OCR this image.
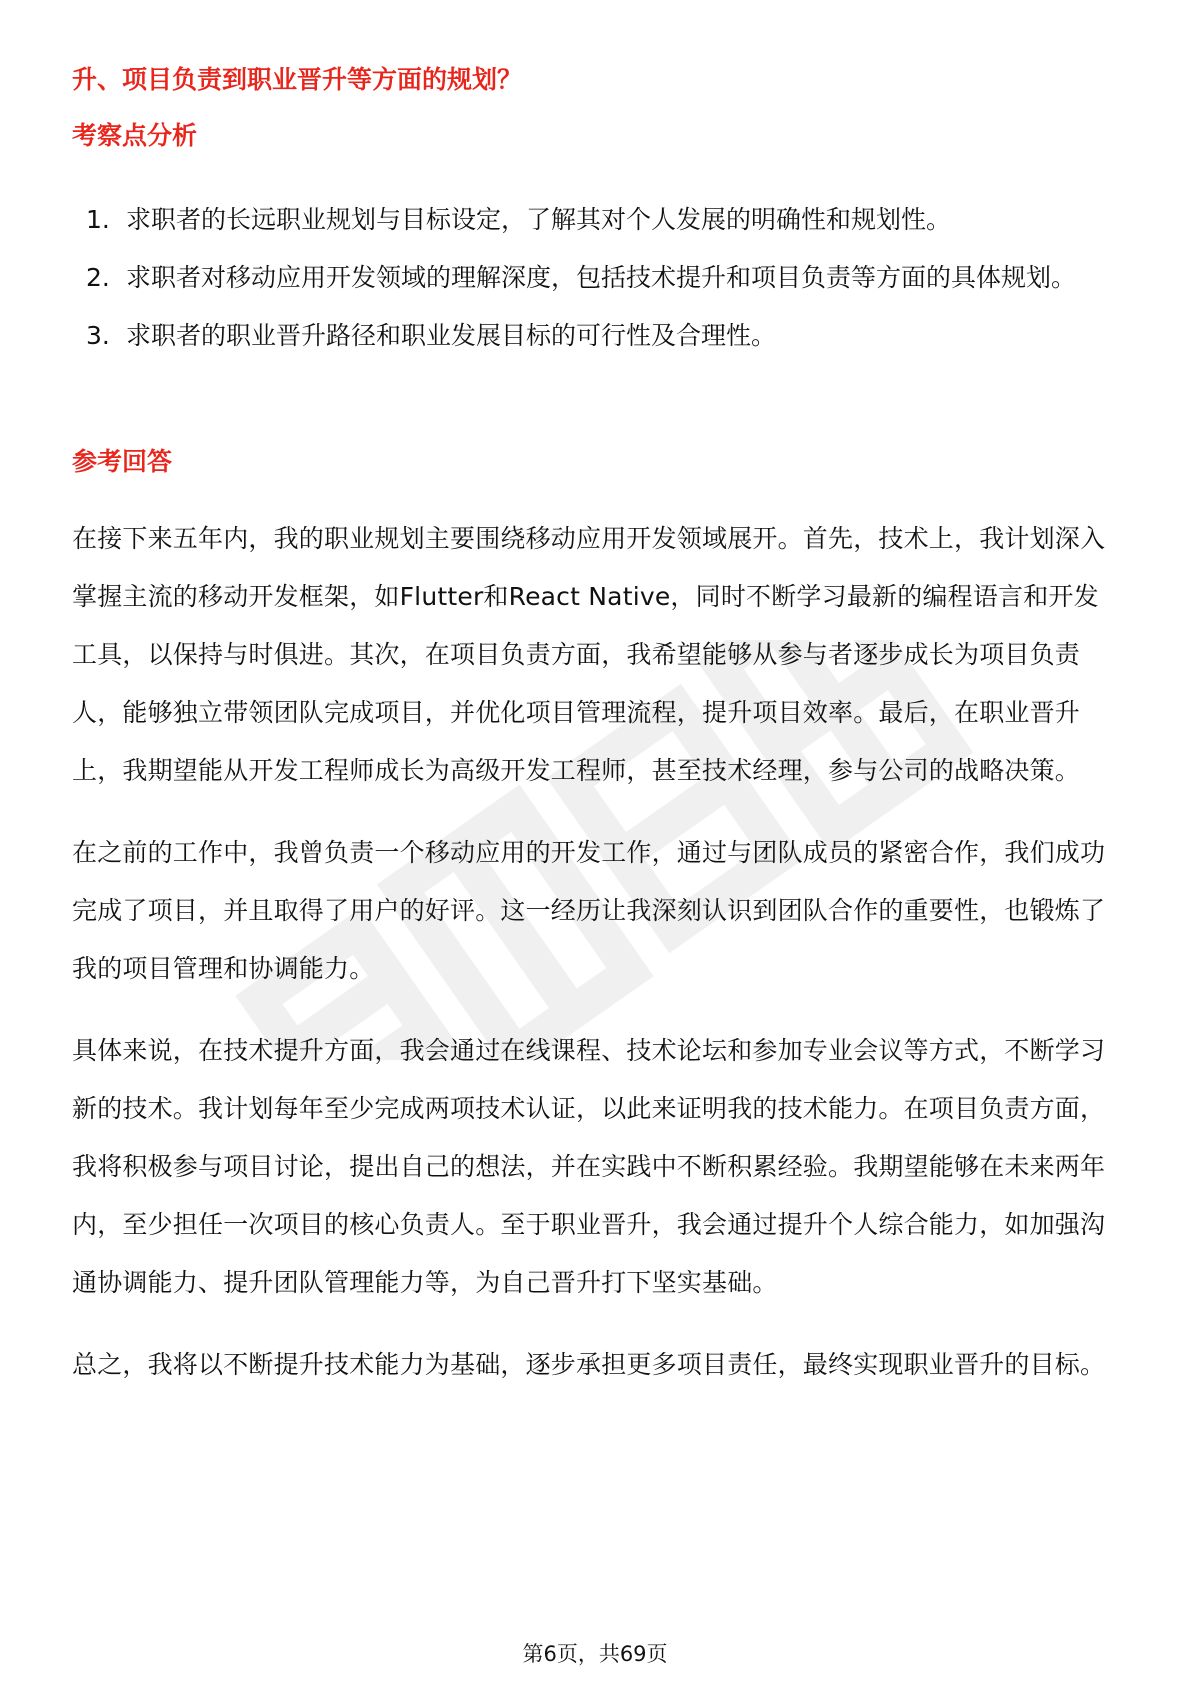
升、项目负责到职业晋升等方面的规划？

考察点分析
1. 求职者的长远职业规划与目标设定，了解其对个人发展的明确性和规划性。
2. 求职者对移动应用开发领域的理解深度，包括技术提升和项目负责等方面的具体规划。
3. 求职者的职业晋升路径和职业发展目标的可行性及合理性。
参考回答

在接下来五年内，我的职业规划主要围绕移动应用开发领域展开。首先，技术上，我计划深入掌握主流的移动开发框架，如Flutter和React Native，同时不断学习最新的编程语言和开发工具，以保持与时俱进。其次，在项目负责方面，我希望能够从参与者逐步成长为项目负责人，能够独立带领团队完成项目，并优化项目管理流程，提升项目效率。最后，在职业晋升上，我期望能从开发工程师成长为高级开发工程师，甚至技术经理，参与公司的战略决策。

在之前的工作中，我曾负责一个移动应用的开发工作，通过与团队成员的紧密合作，我们成功完成了项目，并且取得了用户的好评。这一经历让我深刻认识到团队合作的重要性，也锻炼了我的项目管理和协调能力。

具体来说，在技术提升方面，我会通过在线课程、技术论坛和参加专业会议等方式，不断学习新的技术。我计划每年至少完成两项技术认证，以此来证明我的技术能力。在项目负责方面，我将积极参与项目讨论，提出自己的想法，并在实践中不断积累经验。我期望能够在未来两年内，至少担任一次项目的核心负责人。至于职业晋升，我会通过提升个人综合能力，如加强沟通协调能力、提升团队管理能力等，为自己晋升打下坚实基础。

总之，我将以不断提升技术能力为基础，逐步承担更多项目责任，最终实现职业晋升的目标。

第6页，共69页
